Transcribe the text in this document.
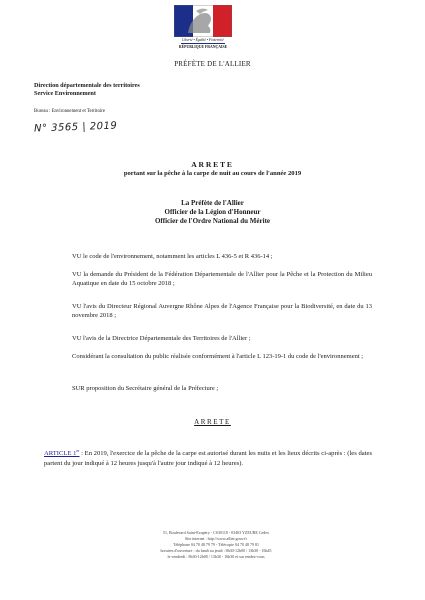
Liberté • Égalité • Fraternité
RÉPUBLIQUE FRANÇAISE
PRÉFÈTE DE L'ALLIER
Direction départementale des territoires
Service Environnement
Bureau : Environnement et Territoire
N° 3565 | 2019
ARRETE
portant sur la pêche à la carpe de nuit au cours de l'année 2019
La Préfète de l'Allier
Officier de la Légion d'Honneur
Officier de l'Ordre National du Mérite
VU le code de l'environnement, notamment les articles L 436-5 et R 436-14 ;
VU la demande du Président de la Fédération Départementale de l'Allier pour la Pêche et la Protection du Milieu Aquatique en date du 15 octobre 2018 ;
VU l'avis du Directeur Régional Auvergne Rhône Alpes de l'Agence Française pour la Biodiversité, en date du 13 novembre 2018 ;
VU l'avis de la Directrice Départementale des Territoires de l'Allier ;
Considérant la consultation du public réalisée conformément à l'article L 123-19-1 du code de l'environnement ;
SUR proposition du Secrétaire général de la Préfecture ;
ARRETE
ARTICLE 1er : En 2019, l'exercice de la pêche de la carpe est autorisé durant les nuits et les lieux décrits ci-après : (les dates partent du jour indiqué à 12 heures jusqu'à l'autre jour indiqué à 12 heures).
51, Boulevard Saint-Exupéry - CS30110 - 03403 YZEURE Cedex
Site internet : http://www.allier.gouv.fr
Téléphone 04 70 48 79 79 - Télécopie 04 70 48 79 81
horaires d'ouverture : du lundi au jeudi : 8h30-12h00 / 13h30 - 16h45
le vendredi : 8h30-12h00 / 13h30 - 16h30 et sur rendez-vous
